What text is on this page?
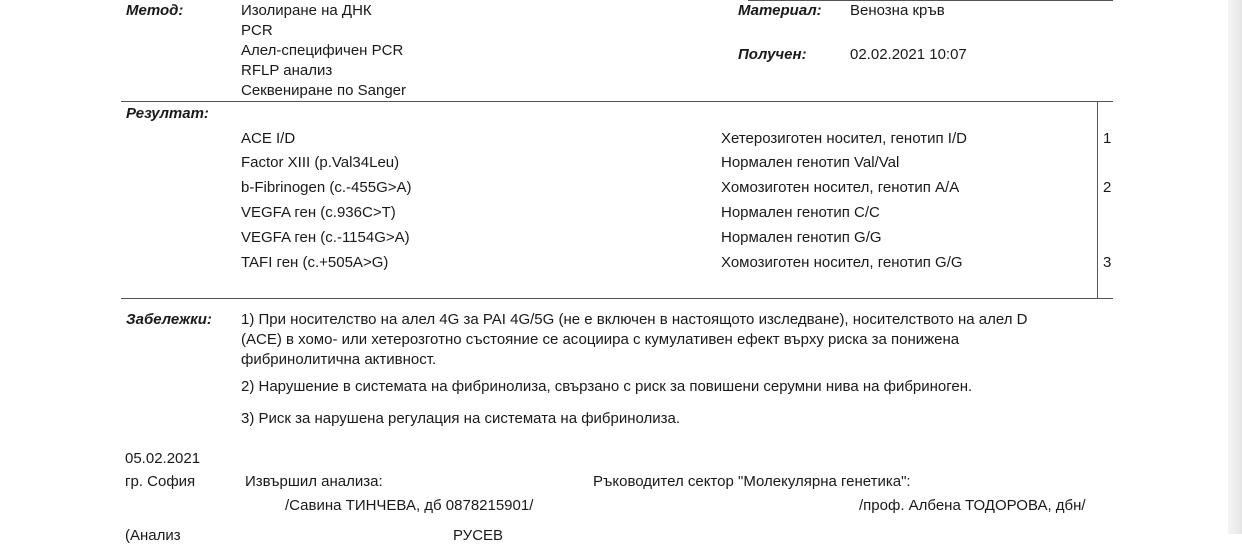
Метод:	Изолиране на ДНК
PCR
Алел-специфичен PCR
RFLP анализ
Секвениране по Sanger
Материал: Венозна кръв
Получен:	02.02.2021 10:07
Резултат:
ACE I/D	Хетерозиготен носител, генотип I/D	1
Factor XIII (p.Val34Leu)	Нормален генотип Val/Val
b-Fibrinogen (c.-455G>A)	Хомозиготен носител, генотип A/A	2
VEGFA ген (c.936C>T)	Нормален генотип C/C
VEGFA ген (c.-1154G>A)	Нормален генотип G/G
TAFI ген (c.+505A>G)	Хомозиготен носител, генотип G/G	3
Забележки: 1) При носителство на алел 4G за PAI 4G/5G (не е включен в настоящото изследване), носителството на алел D (ACE) в хомо- или хетерозготно състояние се асоциира с кумулативен ефект върху риска за понижена фибринолитична активност.
2) Нарушение в системата на фибринолиза, свързано с риск за повишени серумни нива на фибриноген.
3) Риск за нарушена регулация на системата на фибринолиза.
05.02.2021
гр. София	Извършил анализа:	Ръководител сектор "Молекулярна генетика":
/Савина ТИНЧЕВА, дб 0878215901/	/проф. Албена ТОДОРОВА, дбн/
(Анализ	РУСЕВ
